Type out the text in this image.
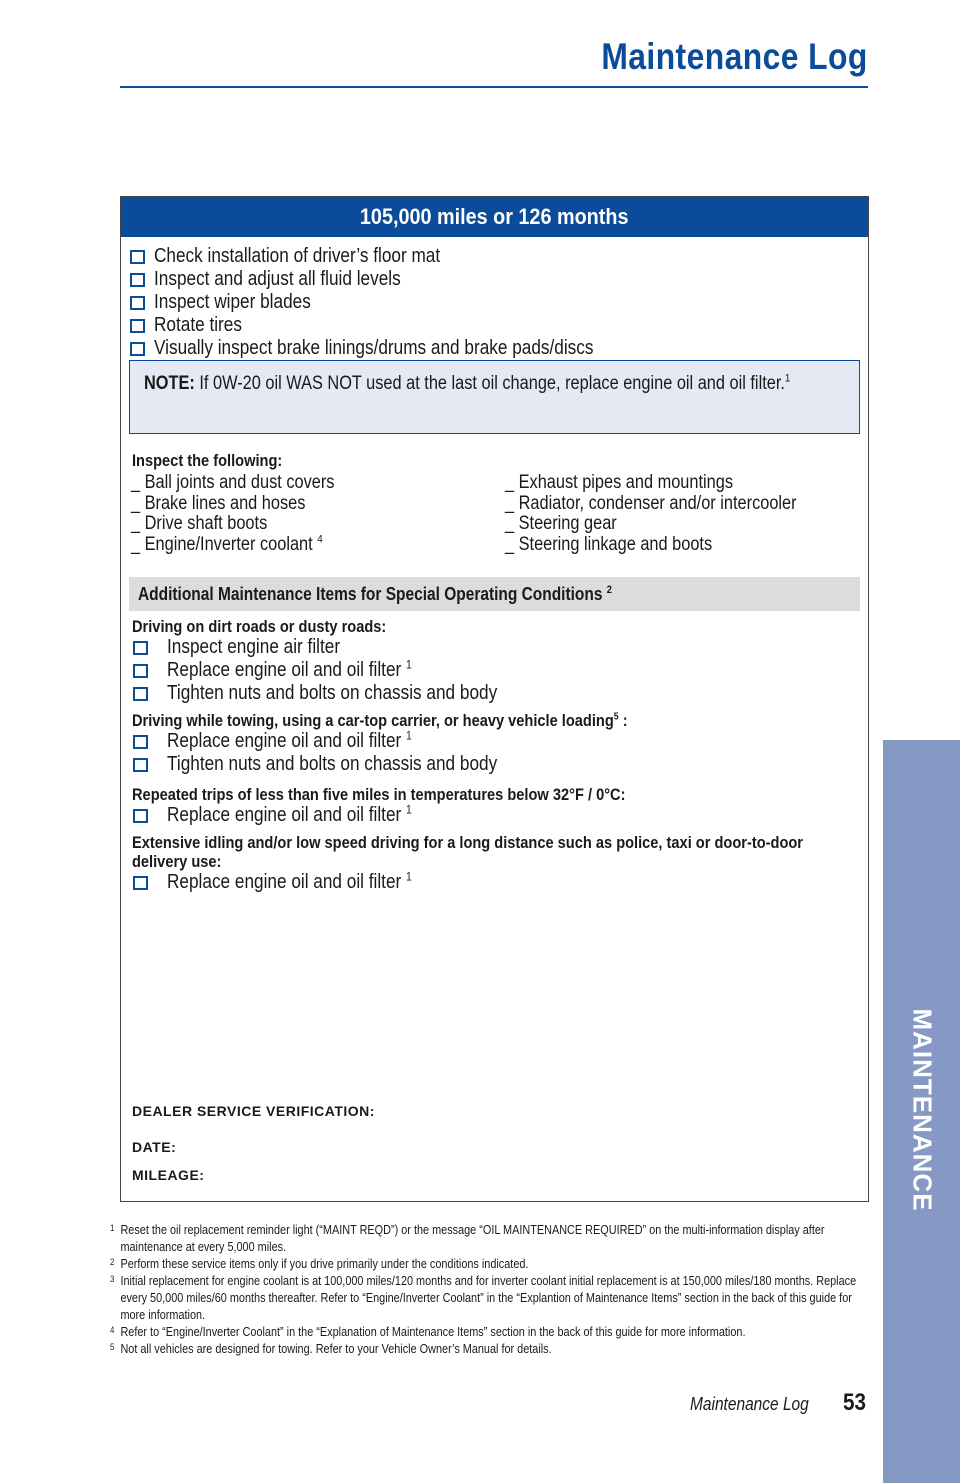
Maintenance Log
105,000 miles or 126 months
Check installation of driver’s floor mat
Inspect and adjust all fluid levels
Inspect wiper blades
Rotate tires
Visually inspect brake linings/drums and brake pads/discs
NOTE: If 0W-20 oil WAS NOT used at the last oil change, replace engine oil and oil filter.$^1$
Inspect the following:
_ Ball joints and dust covers
_ Brake lines and hoses
_ Drive shaft boots
_ Engine/Inverter coolant $^4$
_ Exhaust pipes and mountings
_ Radiator, condenser and/or intercooler
_ Steering gear
_ Steering linkage and boots
Additional Maintenance Items for Special Operating Conditions $^2$
Driving on dirt roads or dusty roads:
Inspect engine air filter
Replace engine oil and oil filter $^1$
Tighten nuts and bolts on chassis and body
Driving while towing, using a car-top carrier, or heavy vehicle loading$^5$ :
Replace engine oil and oil filter $^1$
Tighten nuts and bolts on chassis and body
Repeated trips of less than five miles in temperatures below 32°F / 0°C:
Replace engine oil and oil filter $^1$
Extensive idling and/or low speed driving for a long distance such as police, taxi or door-to-door delivery use:
Replace engine oil and oil filter $^1$
DEALER SERVICE VERIFICATION:
DATE:
MILEAGE:
1 Reset the oil replacement reminder light (“MAINT REQD”) or the message “OIL MAINTENANCE REQUIRED” on the multi-information display after maintenance at every 5,000 miles.
2 Perform these service items only if you drive primarily under the conditions indicated.
3 Initial replacement for engine coolant is at 100,000 miles/120 months and for inverter coolant initial replacement is at 150,000 miles/180 months. Replace every 50,000 miles/60 months thereafter. Refer to “Engine/Inverter Coolant” in the “Explantion of Maintenance Items” section in the back of this guide for more information.
4 Refer to “Engine/Inverter Coolant” in the “Explanation of Maintenance Items” section in the back of this guide for more information.
5 Not all vehicles are designed for towing. Refer to your Vehicle Owner’s Manual for details.
Maintenance Log	53
MAINTENANCE
